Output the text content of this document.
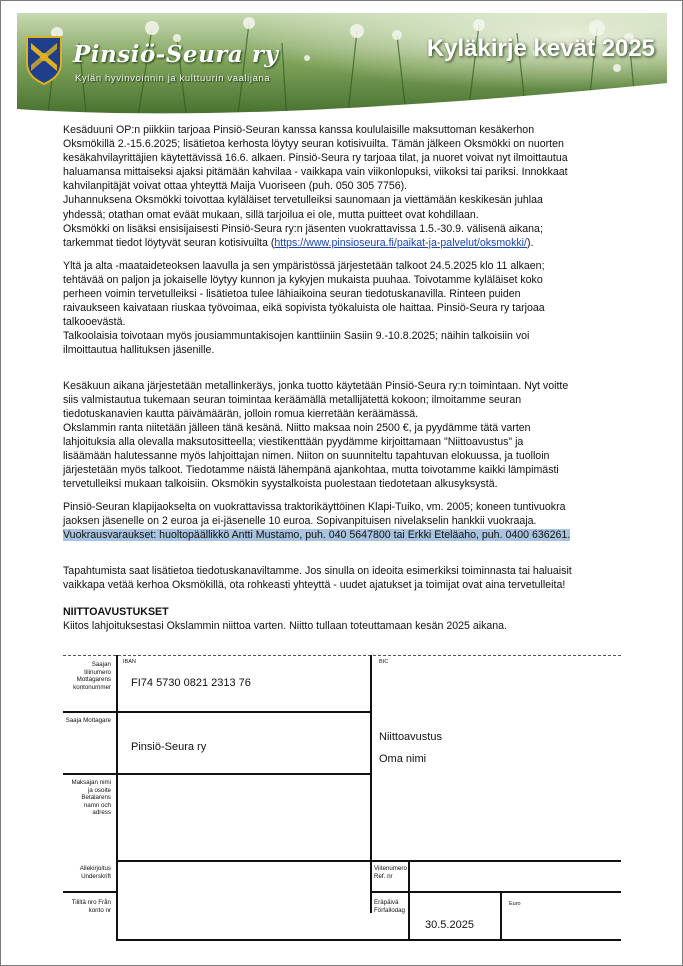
Pinsiö-Seura ry
Kylän hyvinvoinnin ja kulttuurin vaalijana
Kyläkirje kevät 2025

Kesäduuni OP:n piikkiin tarjoaa Pinsiö-Seuran kanssa kanssa koululaisille maksuttoman kesäkerhon
Oksmökillä 2.-15.6.2025; lisätietoa kerhosta löytyy seuran kotisivuilta. Tämän jälkeen Oksmökki on nuorten
kesäkahvilayrittäjien käytettävissä 16.6. alkaen. Pinsiö-Seura ry tarjoaa tilat, ja nuoret voivat nyt ilmoittautua
haluamansa mittaiseksi ajaksi pitämään kahvilaa - vaikkapa vain viikonlopuksi, viikoksi tai pariksi. Innokkaat
kahvilanpitäjät voivat ottaa yhteyttä Maija Vuoriseen (puh. 050 305 7756).
Juhannuksena Oksmökki toivottaa kyläläiset tervetulleiksi saunomaan ja viettämään keskikesän juhlaa
yhdessä; otathan omat eväät mukaan, sillä tarjoilua ei ole, mutta puitteet ovat kohdillaan.
Oksmökki on lisäksi ensisijaisesti Pinsiö-Seura ry:n jäsenten vuokrattavissa 1.5.-30.9. välisenä aikana;
tarkemmat tiedot löytyvät seuran kotisivuilta (https://www.pinsioseura.fi/paikat-ja-palvelut/oksmokki/).

Yltä ja alta -maataideteoksen laavulla ja sen ympäristössä järjestetään talkoot 24.5.2025 klo 11 alkaen;
tehtävää on paljon ja jokaiselle löytyy kunnon ja kykyjen mukaista puuhaa. Toivotamme kyläläiset koko
perheen voimin tervetulleiksi - lisätietoa tulee lähiaikoina seuran tiedotuskanavilla. Rinteen puiden
raivaukseen kaivataan riuskaa työvoimaa, eikä sopivista työkaluista ole haittaa. Pinsiö-Seura ry tarjoaa
talkooevästä.
Talkoolaisia toivotaan myös jousiammuntakisojen kanttiiniin Sasiin 9.-10.8.2025; näihin talkoisiin voi
ilmoittautua hallituksen jäsenille.

Kesäkuun aikana järjestetään metallinkeräys, jonka tuotto käytetään Pinsiö-Seura ry:n toimintaan. Nyt voitte
siis valmistautua tukemaan seuran toimintaa keräämällä metallijätettä kokoon; ilmoitamme seuran
tiedotuskanavien kautta päivämäärän, jolloin romua kierretään keräämässä.
Okslammin ranta niitetään jälleen tänä kesänä. Niitto maksaa noin 2500 €, ja pyydämme tätä varten
lahjoituksia alla olevalla maksutositteella; viestikenttään pyydämme kirjoittamaan "Niittoavustus" ja
lisäämään halutessanne myös lahjoittajan nimen. Niiton on suunniteltu tapahtuvan elokuussa, ja tuolloin
järjestetään myös talkoot. Tiedotamme näistä lähempänä ajankohtaa, mutta toivotamme kaikki lämpimästi
tervetulleiksi mukaan talkoisiin. Oksmökin syystalkoista puolestaan tiedotetaan alkusyksystä.

Pinsiö-Seuran klapijaokselta on vuokrattavissa traktorikäyttöinen Klapi-Tuiko, vm. 2005; koneen tuntivuokra
jaoksen jäsenelle on 2 euroa ja ei-jäsenelle 10 euroa. Sopivanpituisen nivelakselin hankkii vuokraaja.
Vuokrausvaraukset: huoltopäällikkö Antti Mustamo, puh. 040 5647800 tai Erkki Eteläaho, puh. 0400 636261.

Tapahtumista saat lisätietoa tiedotuskanaviltamme. Jos sinulla on ideoita esimerkiksi toiminnasta tai haluaisit
vaikkapa vetää kerhoa Oksmökillä, ota rohkeasti yhteyttä - uudet ajatukset ja toimijat ovat aina tervetulleita!

NIITTOAVUSTUKSET
Kiitos lahjoituksestasi Okslammin niittoa varten. Niitto tullaan toteuttamaan kesän 2025 aikana.

Saajan tilinumero Mottagarens kontonummer
IBAN
FI74 5730 0821 2313 76
BIC
Saaja Mottagare
Pinsiö-Seura ry
Niittoavustus
Oma nimi
Maksajan nimi ja osoite Betalarens namn och adress
Allekirjoitus Underskrift
Viitenumero Ref. nr
Tililtä nro Från konto nr
Eräpäivä Förfallodag
30.5.2025
Euro
